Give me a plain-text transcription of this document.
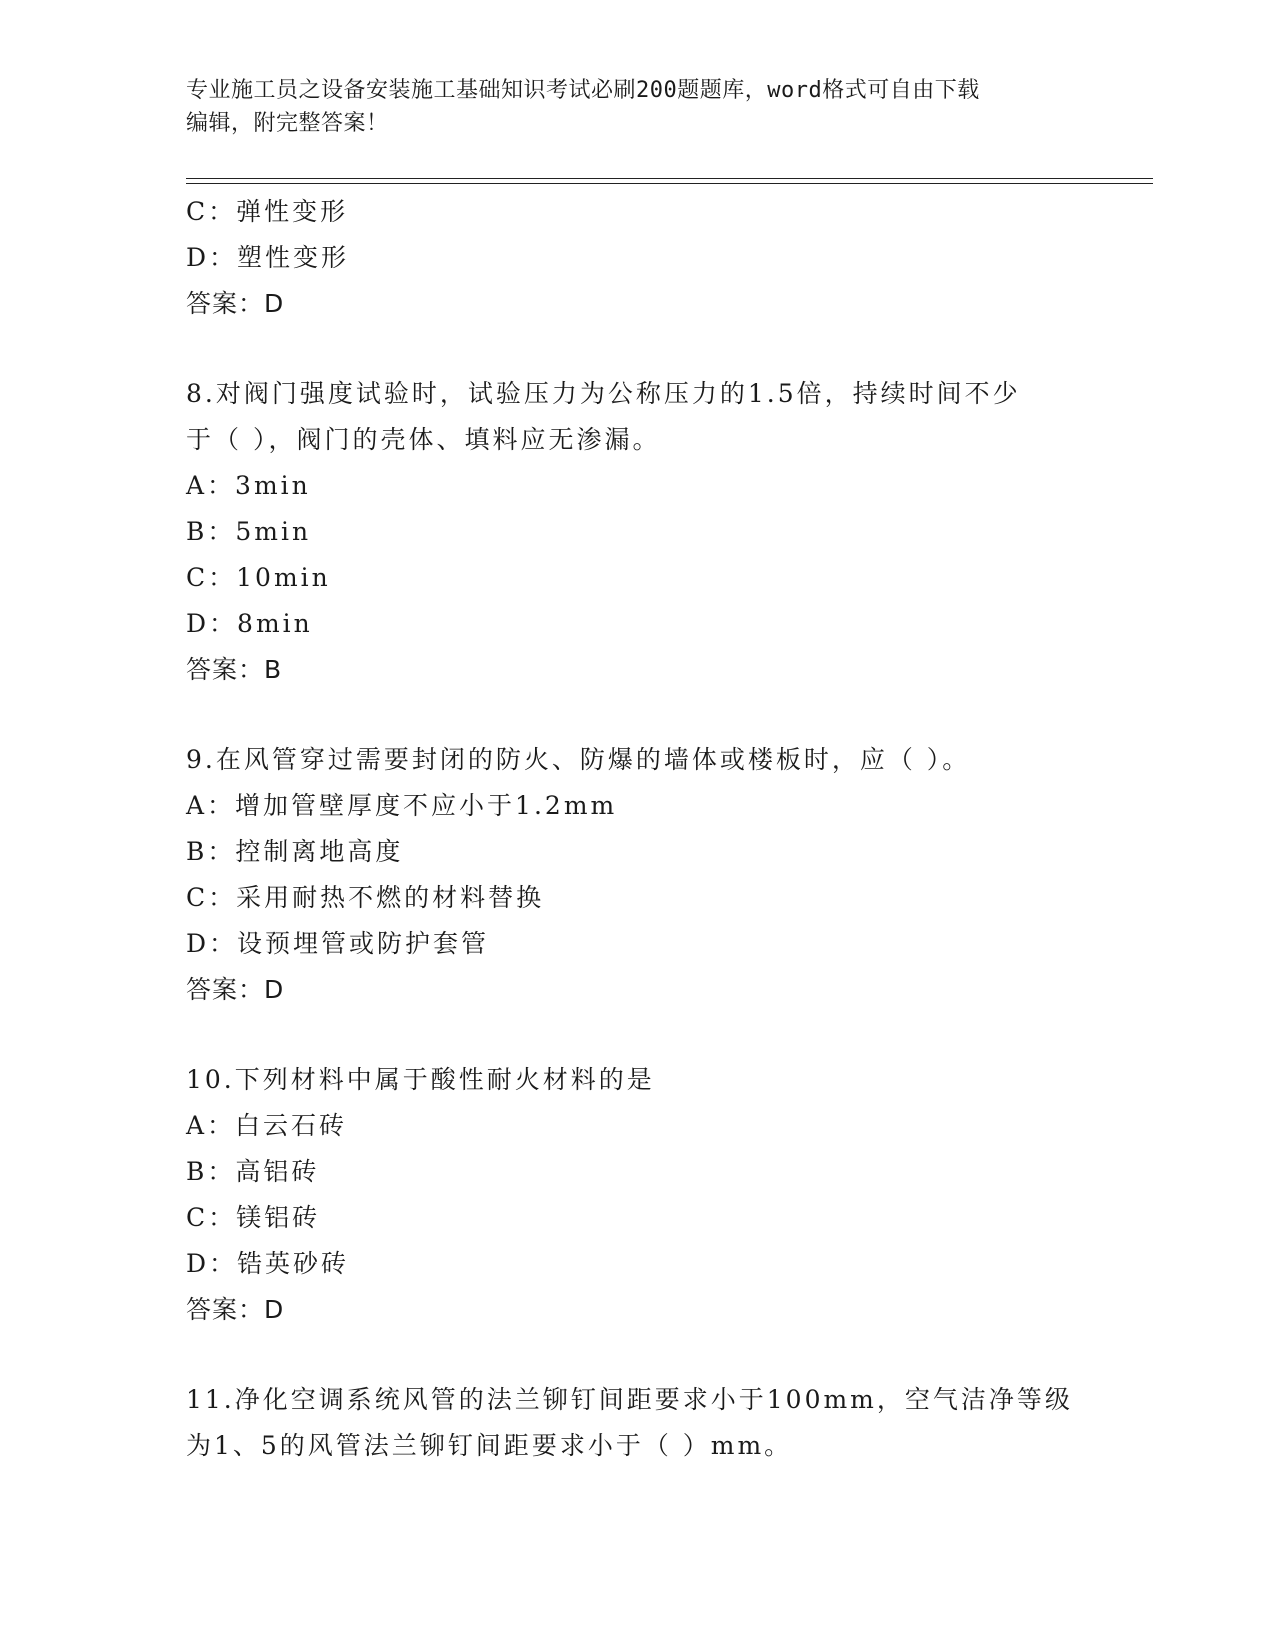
专业施工员之设备安装施工基础知识考试必刷200题题库，word格式可自由下载
编辑，附完整答案！
C：弹性变形
D：塑性变形
答案：D
8.对阀门强度试验时，试验压力为公称压力的1.5倍，持续时间不少
于（ ），阀门的壳体、填料应无渗漏。
A：3min
B：5min
C：10min
D：8min
答案：B
9.在风管穿过需要封闭的防火、防爆的墙体或楼板时，应（ ）。
A：增加管壁厚度不应小于1.2mm
B：控制离地高度
C：采用耐热不燃的材料替换
D：设预埋管或防护套管
答案：D
10.下列材料中属于酸性耐火材料的是
A：白云石砖
B：高铝砖
C：镁铝砖
D：锆英砂砖
答案：D
11.净化空调系统风管的法兰铆钉间距要求小于100mm，空气洁净等级
为1、5的风管法兰铆钉间距要求小于（ ）mm。
